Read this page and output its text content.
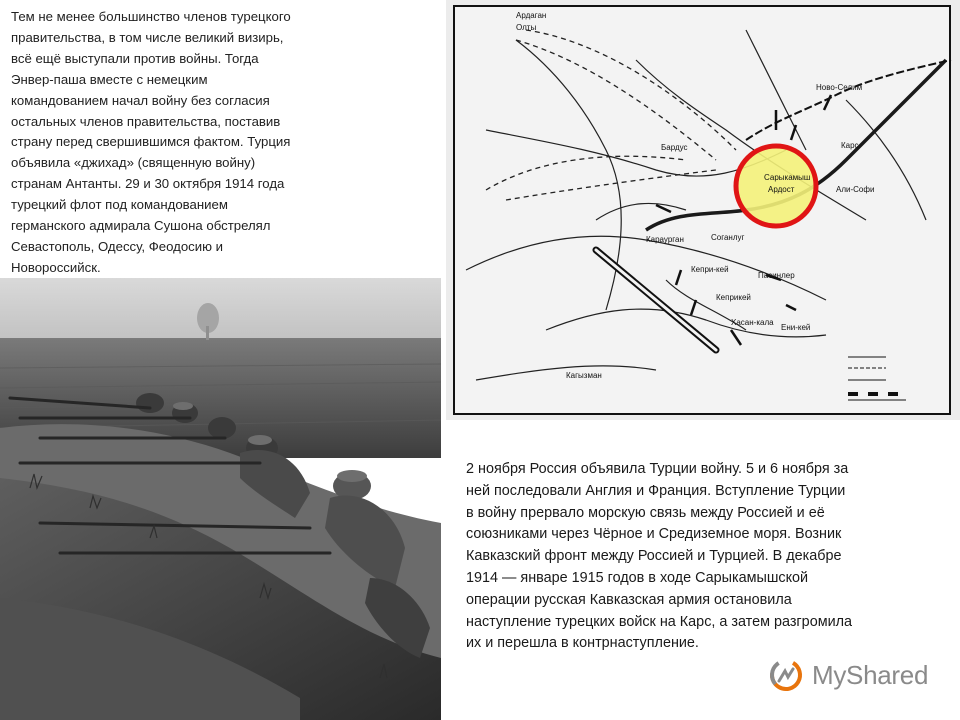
Тем не менее большинство членов турецкого
правительства, в том числе великий визирь,
всё ещё выступали против войны. Тогда
Энвер-паша вместе с немецким
командованием начал войну без согласия
остальных членов правительства, поставив
страну перед свершившимся фактом. Турция
объявила «джихад» (священную войну)
странам Антанты. 29 и 30 октября 1914 года
турецкий флот под командованием
германского адмирала Сушона обстрелял
Севастополь, Одессу, Феодосию и
Новороссийск.
Ардаган
Олты
Ново-Селим
Бардус
Сарыкамыш
Ардост
Карс
Али-Софи
Караурган	Соганлуг
Кепри-кей
Кеприкей
Хасан-кала
Пасинлер
Ени-кей
Кагызман
2 ноября Россия объявила Турции войну. 5 и 6 ноября за
ней последовали Англия и Франция. Вступление Турции
в войну прервало морскую связь между Россией и её
союзниками через Чёрное и Средиземное моря. Возник
Кавказский фронт между Россией и Турцией. В декабре
1914 — январе 1915 годов в ходе Сарыкамышской
операции русская Кавказская армия остановила
наступление турецких войск на Карс, а затем разгромила
их и перешла в контрнаступление.
MyShared
